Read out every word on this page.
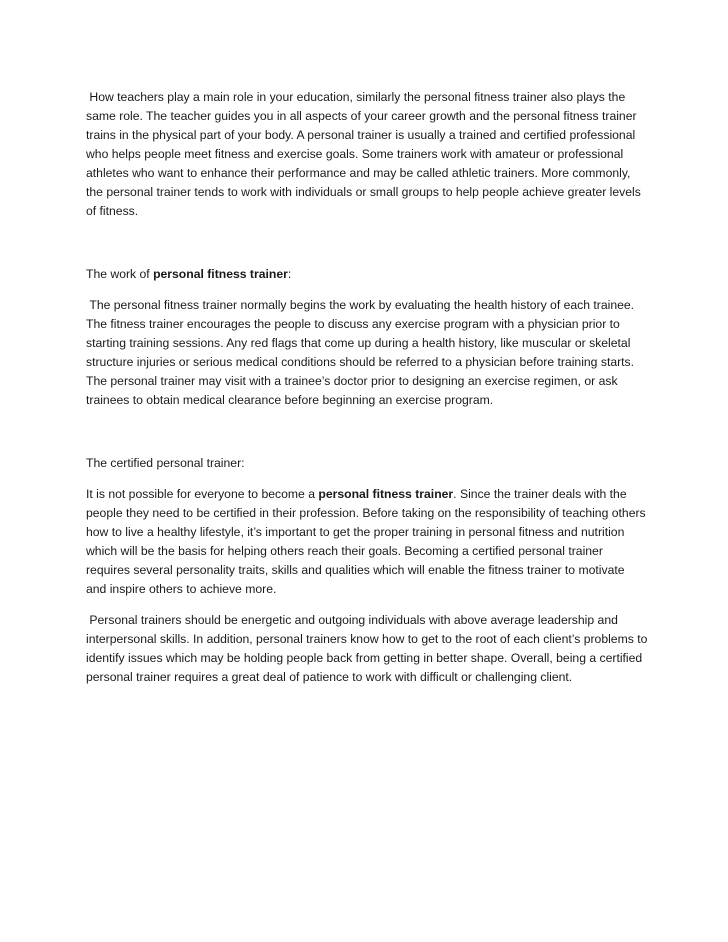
How teachers play a main role in your education, similarly the personal fitness trainer also plays the same role. The teacher guides you in all aspects of your career growth and the personal fitness trainer trains in the physical part of your body. A personal trainer is usually a trained and certified professional who helps people meet fitness and exercise goals. Some trainers work with amateur or professional athletes who want to enhance their performance and may be called athletic trainers. More commonly, the personal trainer tends to work with individuals or small groups to help people achieve greater levels of fitness.

The work of personal fitness trainer:

The personal fitness trainer normally begins the work by evaluating the health history of each trainee. The fitness trainer encourages the people to discuss any exercise program with a physician prior to starting training sessions. Any red flags that come up during a health history, like muscular or skeletal structure injuries or serious medical conditions should be referred to a physician before training starts. The personal trainer may visit with a trainee’s doctor prior to designing an exercise regimen, or ask trainees to obtain medical clearance before beginning an exercise program.

The certified personal trainer:

It is not possible for everyone to become a personal fitness trainer. Since the trainer deals with the people they need to be certified in their profession. Before taking on the responsibility of teaching others how to live a healthy lifestyle, it’s important to get the proper training in personal fitness and nutrition which will be the basis for helping others reach their goals. Becoming a certified personal trainer requires several personality traits, skills and qualities which will enable the fitness trainer to motivate and inspire others to achieve more.

Personal trainers should be energetic and outgoing individuals with above average leadership and interpersonal skills. In addition, personal trainers know how to get to the root of each client’s problems to identify issues which may be holding people back from getting in better shape. Overall, being a certified personal trainer requires a great deal of patience to work with difficult or challenging client.
